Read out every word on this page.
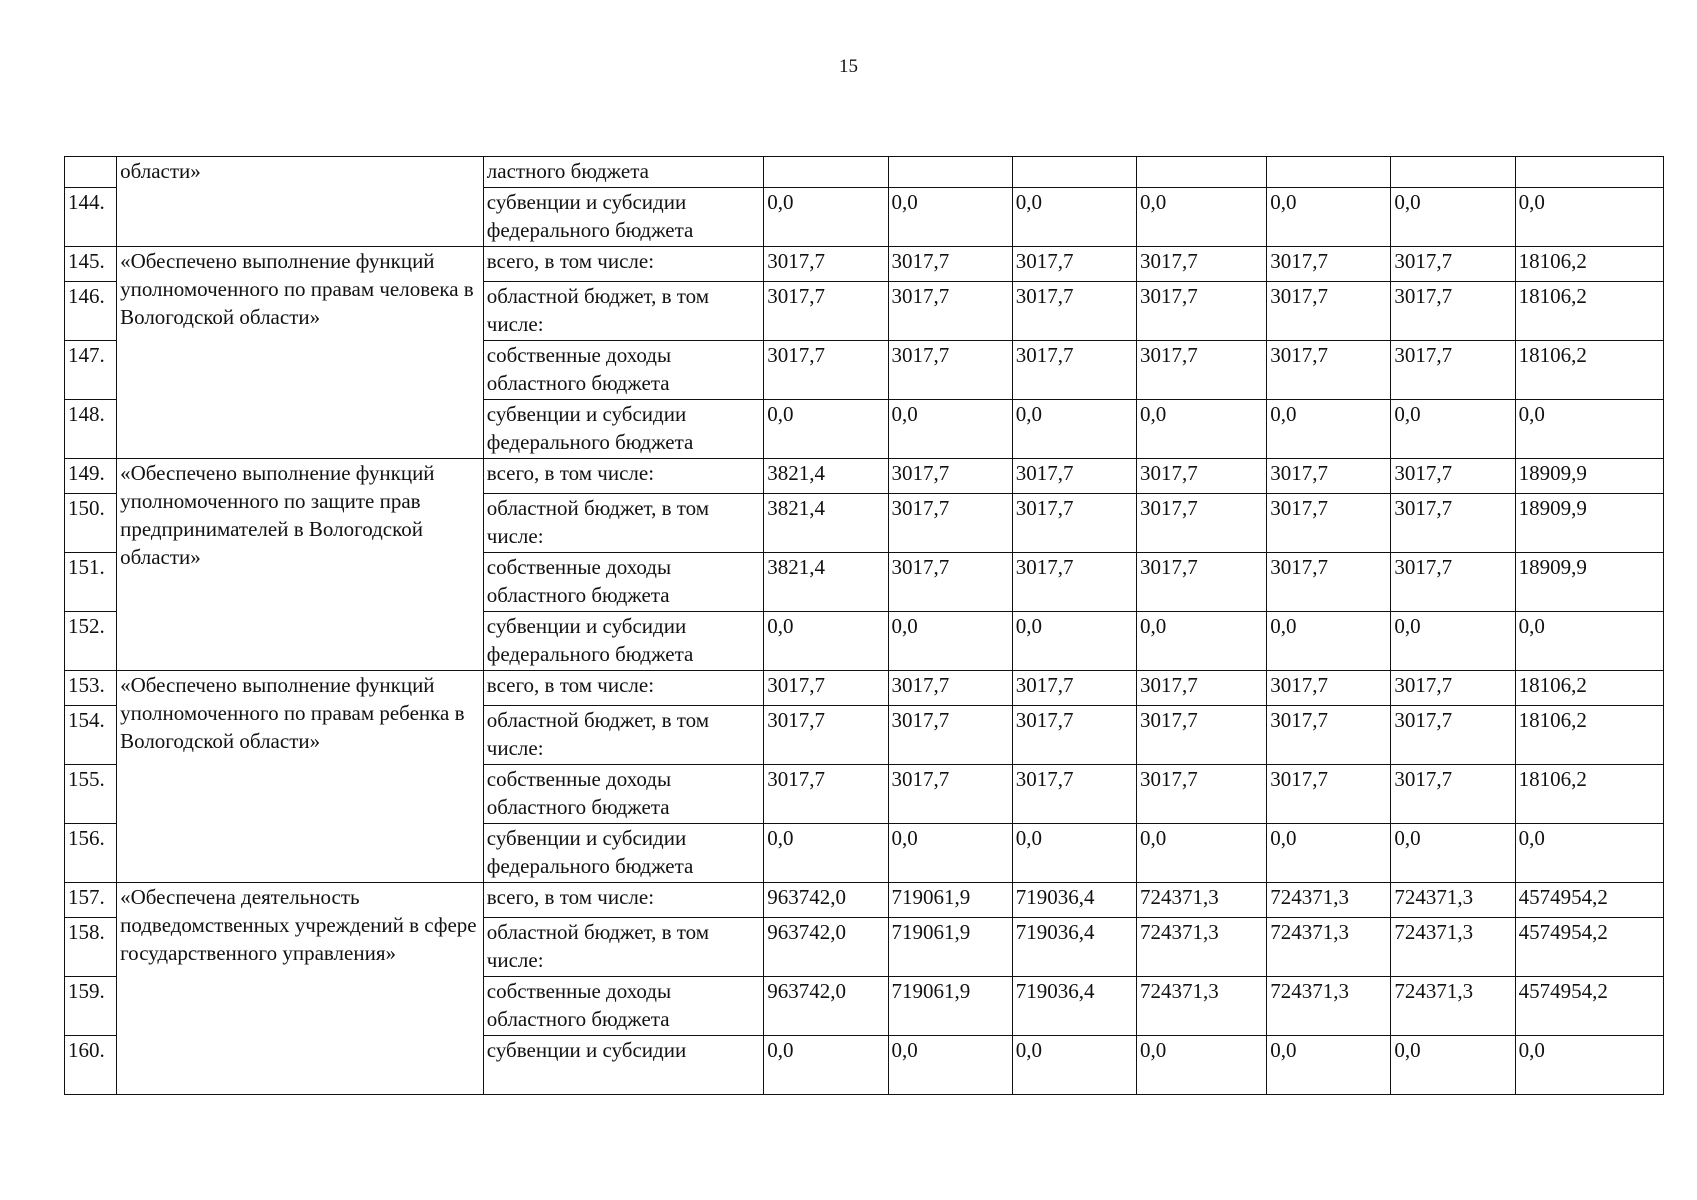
15
	области»	ластного бюджета							
144.		субвенции и субсидии федерального бюджета	0,0	0,0	0,0	0,0	0,0	0,0	0,0
145.	«Обеспечено выполнение функций уполномоченного по правам человека в Вологодской области»	всего, в том числе:	3017,7	3017,7	3017,7	3017,7	3017,7	3017,7	18106,2
146.		областной бюджет, в том числе:	3017,7	3017,7	3017,7	3017,7	3017,7	3017,7	18106,2
147.		собственные доходы областного бюджета	3017,7	3017,7	3017,7	3017,7	3017,7	3017,7	18106,2
148.		субвенции и субсидии федерального бюджета	0,0	0,0	0,0	0,0	0,0	0,0	0,0
149.	«Обеспечено выполнение функций уполномоченного по защите прав предпринимателей в Вологодской области»	всего, в том числе:	3821,4	3017,7	3017,7	3017,7	3017,7	3017,7	18909,9
150.		областной бюджет, в том числе:	3821,4	3017,7	3017,7	3017,7	3017,7	3017,7	18909,9
151.		собственные доходы областного бюджета	3821,4	3017,7	3017,7	3017,7	3017,7	3017,7	18909,9
152.		субвенции и субсидии федерального бюджета	0,0	0,0	0,0	0,0	0,0	0,0	0,0
153.	«Обеспечено выполнение функций уполномоченного по правам ребенка в Вологодской области»	всего, в том числе:	3017,7	3017,7	3017,7	3017,7	3017,7	3017,7	18106,2
154.		областной бюджет, в том числе:	3017,7	3017,7	3017,7	3017,7	3017,7	3017,7	18106,2
155.		собственные доходы областного бюджета	3017,7	3017,7	3017,7	3017,7	3017,7	3017,7	18106,2
156.		субвенции и субсидии федерального бюджета	0,0	0,0	0,0	0,0	0,0	0,0	0,0
157.	«Обеспечена деятельность подведомственных учреждений в сфере государственного управления»	всего, в том числе:	963742,0	719061,9	719036,4	724371,3	724371,3	724371,3	4574954,2
158.		областной бюджет, в том числе:	963742,0	719061,9	719036,4	724371,3	724371,3	724371,3	4574954,2
159.		собственные доходы областного бюджета	963742,0	719061,9	719036,4	724371,3	724371,3	724371,3	4574954,2
160.		субвенции и субсидии	0,0	0,0	0,0	0,0	0,0	0,0	0,0
